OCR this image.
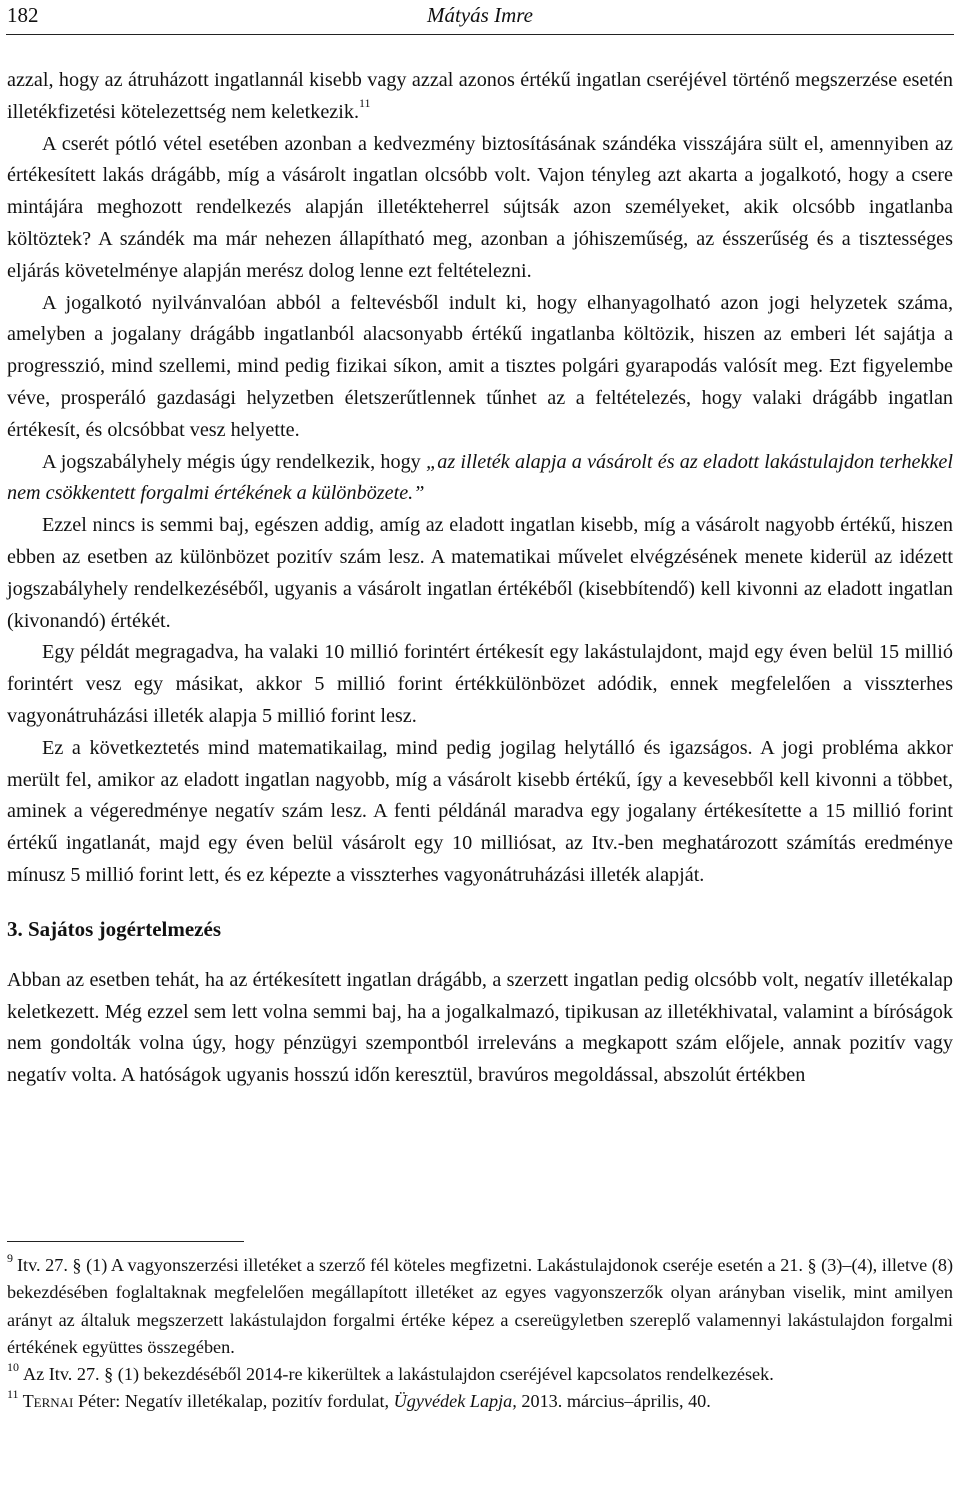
182	Mátyás Imre

azzal, hogy az átruházott ingatlannál kisebb vagy azzal azonos értékű ingatlan cseréjével történő megszerzése esetén illetékfizetési kötelezettség nem keletkezik.$^{11}$

A cserét pótló vétel esetében azonban a kedvezmény biztosításának szándéka visszájára sült el, amennyiben az értékesített lakás drágább, míg a vásárolt ingatlan olcsóbb volt. Vajon tényleg azt akarta a jogalkotó, hogy a csere mintájára meghozott rendelkezés alapján illetékteherrel sújtsák azon személyeket, akik olcsóbb ingatlanba költöztek? A szándék ma már nehezen állapítható meg, azonban a jóhiszeműség, az ésszerűség és a tisztességes eljárás követelménye alapján merész dolog lenne ezt feltételezni.

A jogalkotó nyilvánvalóan abból a feltevésből indult ki, hogy elhanyagolható azon jogi helyzetek száma, amelyben a jogalany drágább ingatlanból alacsonyabb értékű ingatlanba költözik, hiszen az emberi lét sajátja a progresszió, mind szellemi, mind pedig fizikai síkon, amit a tisztes polgári gyarapodás valósít meg. Ezt figyelembe véve, prosperáló gazdasági helyzetben életszerűtlennek tűnhet az a feltételezés, hogy valaki drágább ingatlan értékesít, és olcsóbbat vesz helyette.

A jogszabályhely mégis úgy rendelkezik, hogy „az illeték alapja a vásárolt és az eladott lakástulajdon terhekkel nem csökkentett forgalmi értékének a különbözete.”

Ezzel nincs is semmi baj, egészen addig, amíg az eladott ingatlan kisebb, míg a vásárolt nagyobb értékű, hiszen ebben az esetben az különbözet pozitív szám lesz. A matematikai művelet elvégzésének menete kiderül az idézett jogszabályhely rendelkezéséből, ugyanis a vásárolt ingatlan értékéből (kisebbítendő) kell kivonni az eladott ingatlan (kivonandó) értékét.

Egy példát megragadva, ha valaki 10 millió forintért értékesít egy lakástulajdont, majd egy éven belül 15 millió forintért vesz egy másikat, akkor 5 millió forint értékkülönbözet adódik, ennek megfelelően a visszterhes vagyonátruházási illeték alapja 5 millió forint lesz.

Ez a következtetés mind matematikailag, mind pedig jogilag helytálló és igazságos. A jogi probléma akkor merült fel, amikor az eladott ingatlan nagyobb, míg a vásárolt kisebb értékű, így a kevesebből kell kivonni a többet, aminek a végeredménye negatív szám lesz. A fenti példánál maradva egy jogalany értékesítette a 15 millió forint értékű ingatlanát, majd egy éven belül vásárolt egy 10 milliósat, az Itv.-ben meghatározott számítás eredménye mínusz 5 millió forint lett, és ez képezte a visszterhes vagyonátruházási illeték alapját.

3. Sajátos jogértelmezés

Abban az esetben tehát, ha az értékesített ingatlan drágább, a szerzett ingatlan pedig olcsóbb volt, negatív illetékalap keletkezett. Még ezzel sem lett volna semmi baj, ha a jogalkalmazó, tipikusan az illetékhivatal, valamint a bíróságok nem gondolták volna úgy, hogy pénzügyi szempontból irreleváns a megkapott szám előjele, annak pozitív vagy negatív volta. A hatóságok ugyanis hosszú időn keresztül, bravúros megoldással, abszolút értékben

$^9$ Itv. 27. § (1) A vagyonszerzési illetéket a szerző fél köteles megfizetni. Lakástulajdonok cseréje esetén a 21. § (3)–(4), illetve (8) bekezdésében foglaltaknak megfelelően megállapított illetéket az egyes vagyonszerzők olyan arányban viselik, mint amilyen arányt az általuk megszerzett lakástulajdon forgalmi értéke képez a csereügyletben szereplő valamennyi lakástulajdon forgalmi értékének együttes összegében.

$^{10}$ Az Itv. 27. § (1) bekezdéséből 2014-re kikerültek a lakástulajdon cseréjével kapcsolatos rendelkezések.

$^{11}$ Ternai Péter: Negatív illetékalap, pozitív fordulat, Ügyvédek Lapja, 2013. március–április, 40.
